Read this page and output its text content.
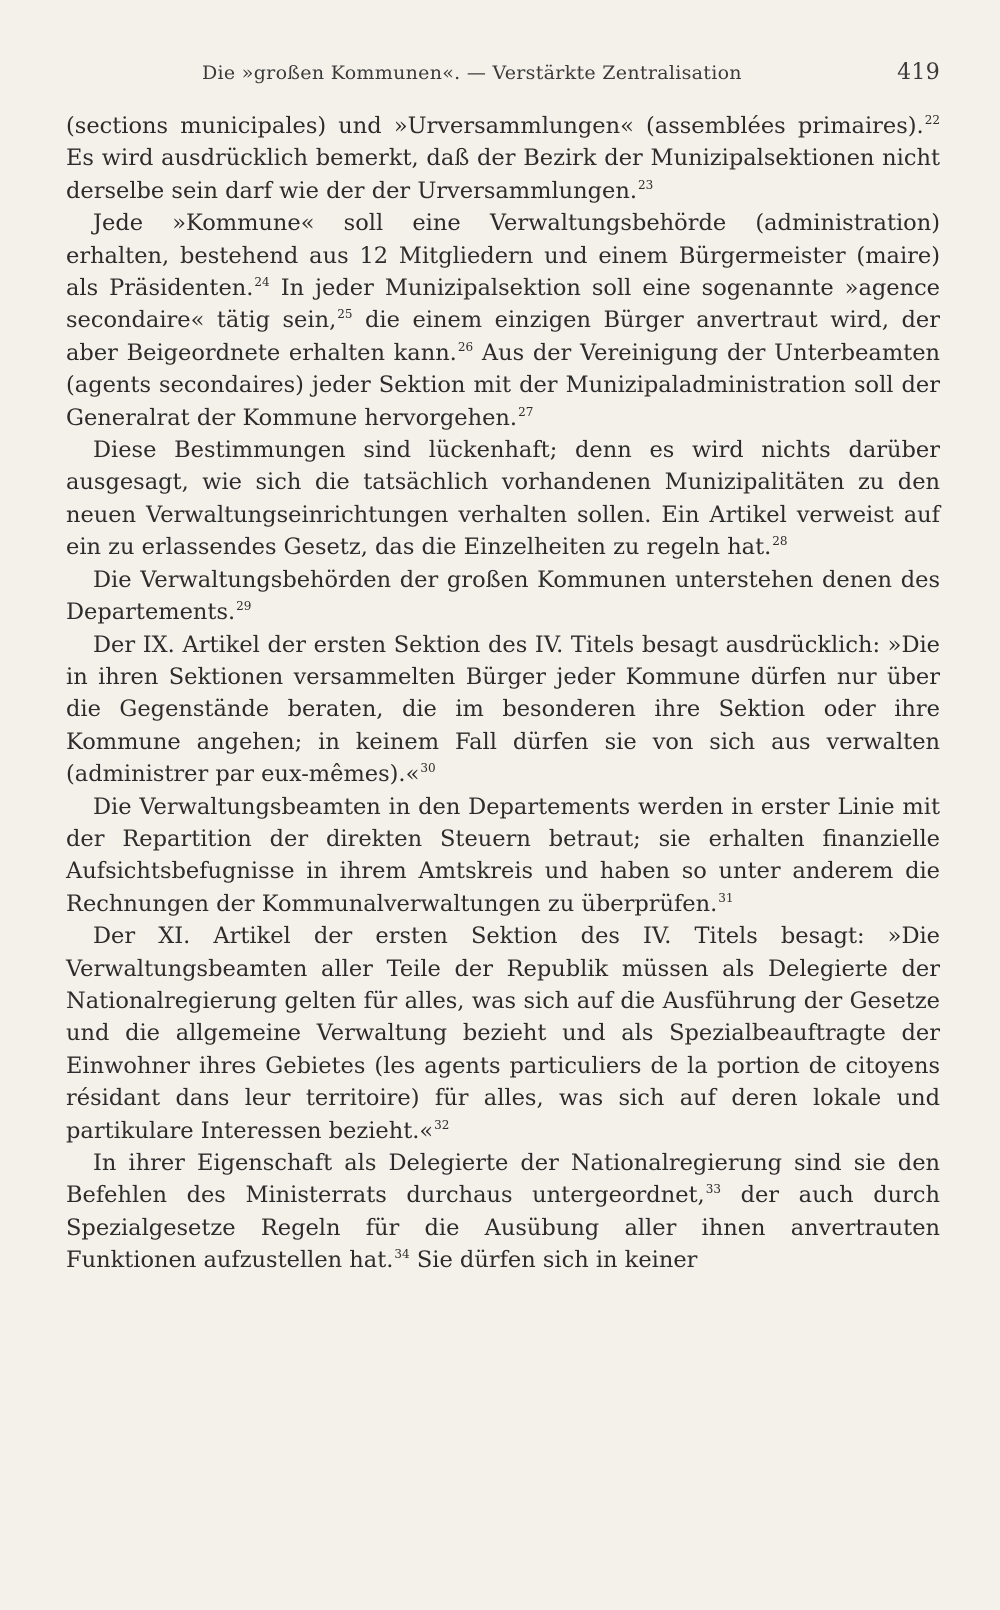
Die »großen Kommunen«. — Verstärkte Zentralisation	419

(sections municipales) und »Urversammlungen« (assemblées primaires).$^{22}$ Es wird ausdrücklich bemerkt, daß der Bezirk der Munizipalsektionen nicht derselbe sein darf wie der der Urversammlungen.$^{23}$

Jede »Kommune« soll eine Verwaltungsbehörde (administration) erhalten, bestehend aus 12 Mitgliedern und einem Bürgermeister (maire) als Präsidenten.$^{24}$ In jeder Munizipalsektion soll eine sogenannte »agence secondaire« tätig sein,$^{25}$ die einem einzigen Bürger anvertraut wird, der aber Beigeordnete erhalten kann.$^{26}$ Aus der Vereinigung der Unterbeamten (agents secondaires) jeder Sektion mit der Munizipaladministration soll der Generalrat der Kommune hervorgehen.$^{27}$

Diese Bestimmungen sind lückenhaft; denn es wird nichts darüber ausgesagt, wie sich die tatsächlich vorhandenen Munizipalitäten zu den neuen Verwaltungseinrichtungen verhalten sollen. Ein Artikel verweist auf ein zu erlassendes Gesetz, das die Einzelheiten zu regeln hat.$^{28}$

Die Verwaltungsbehörden der großen Kommunen unterstehen denen des Departements.$^{29}$

Der IX. Artikel der ersten Sektion des IV. Titels besagt ausdrücklich: »Die in ihren Sektionen versammelten Bürger jeder Kommune dürfen nur über die Gegenstände beraten, die im besonderen ihre Sektion oder ihre Kommune angehen; in keinem Fall dürfen sie von sich aus verwalten (administrer par eux-mêmes).«$^{30}$

Die Verwaltungsbeamten in den Departements werden in erster Linie mit der Repartition der direkten Steuern betraut; sie erhalten finanzielle Aufsichtsbefugnisse in ihrem Amtskreis und haben so unter anderem die Rechnungen der Kommunalverwaltungen zu überprüfen.$^{31}$

Der XI. Artikel der ersten Sektion des IV. Titels besagt: »Die Verwaltungsbeamten aller Teile der Republik müssen als Delegierte der Nationalregierung gelten für alles, was sich auf die Ausführung der Gesetze und die allgemeine Verwaltung bezieht und als Spezialbeauftragte der Einwohner ihres Gebietes (les agents particuliers de la portion de citoyens résidant dans leur territoire) für alles, was sich auf deren lokale und partikulare Interessen bezieht.«$^{32}$

In ihrer Eigenschaft als Delegierte der Nationalregierung sind sie den Befehlen des Ministerrats durchaus untergeordnet,$^{33}$ der auch durch Spezialgesetze Regeln für die Ausübung aller ihnen anvertrauten Funktionen aufzustellen hat.$^{34}$ Sie dürfen sich in keiner
